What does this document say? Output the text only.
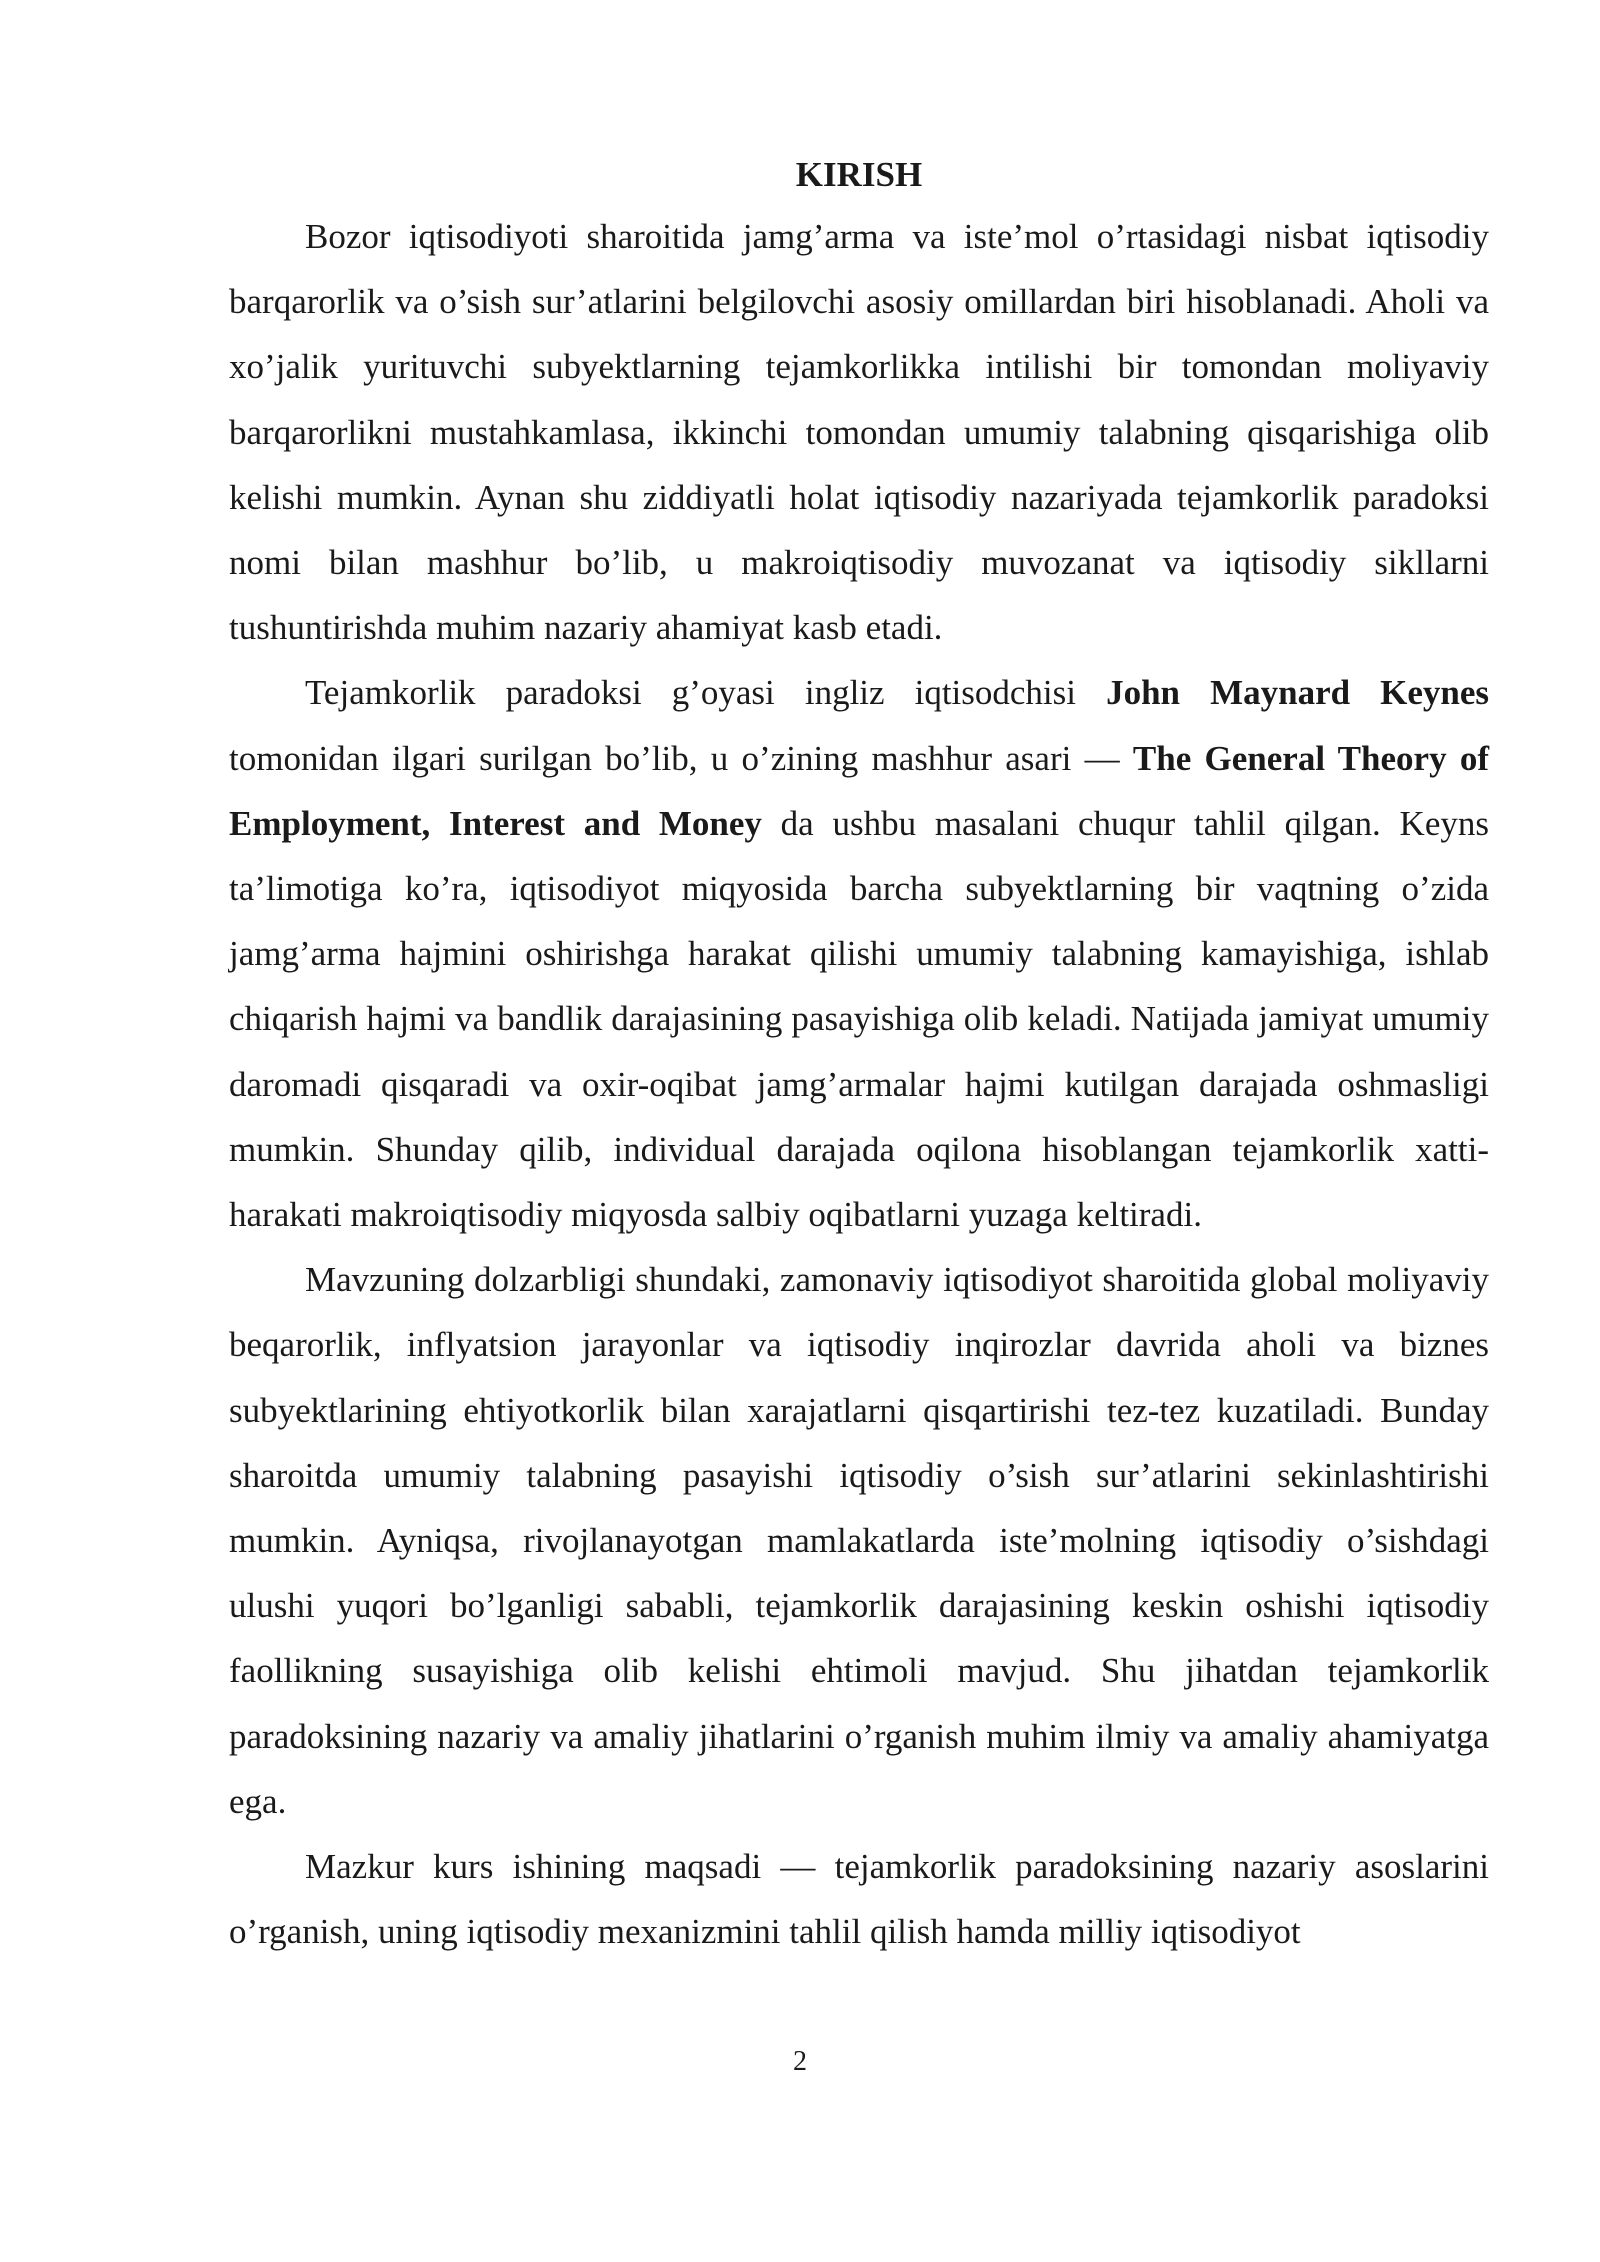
KIRISH

Bozor iqtisodiyoti sharoitida jamg’arma va iste’mol o’rtasidagi nisbat iqtisodiy barqarorlik va o’sish sur’atlarini belgilovchi asosiy omillardan biri hisoblanadi. Aholi va xo’jalik yurituvchi subyektlarning tejamkorlikka intilishi bir tomondan moliyaviy barqarorlikni mustahkamlasa, ikkinchi tomondan umumiy talabning qisqarishiga olib kelishi mumkin. Aynan shu ziddiyatli holat iqtisodiy nazariyada tejamkorlik paradoksi nomi bilan mashhur bo’lib, u makroiqtisodiy muvozanat va iqtisodiy sikllarni tushuntirishda muhim nazariy ahamiyat kasb etadi.

Tejamkorlik paradoksi g’oyasi ingliz iqtisodchisi John Maynard Keynes tomonidan ilgari surilgan bo’lib, u o’zining mashhur asari — The General Theory of Employment, Interest and Money da ushbu masalani chuqur tahlil qilgan. Keyns ta’limotiga ko’ra, iqtisodiyot miqyosida barcha subyektlarning bir vaqtning o’zida jamg’arma hajmini oshirishga harakat qilishi umumiy talabning kamayishiga, ishlab chiqarish hajmi va bandlik darajasining pasayishiga olib keladi. Natijada jamiyat umumiy daromadi qisqaradi va oxir-oqibat jamg’armalar hajmi kutilgan darajada oshmasligi mumkin. Shunday qilib, individual darajada oqilona hisoblangan tejamkorlik xatti-harakati makroiqtisodiy miqyosda salbiy oqibatlarni yuzaga keltiradi.

Mavzuning dolzarbligi shundaki, zamonaviy iqtisodiyot sharoitida global moliyaviy beqarorlik, inflyatsion jarayonlar va iqtisodiy inqirozlar davrida aholi va biznes subyektlarining ehtiyotkorlik bilan xarajatlarni qisqartirishi tez-tez kuzatiladi. Bunday sharoitda umumiy talabning pasayishi iqtisodiy o’sish sur’atlarini sekinlashtirishi mumkin. Ayniqsa, rivojlanayotgan mamlakatlarda iste’molning iqtisodiy o’sishdagi ulushi yuqori bo’lganligi sababli, tejamkorlik darajasining keskin oshishi iqtisodiy faollikning susayishiga olib kelishi ehtimoli mavjud. Shu jihatdan tejamkorlik paradoksining nazariy va amaliy jihatlarini o’rganish muhim ilmiy va amaliy ahamiyatga ega.

Mazkur kurs ishining maqsadi — tejamkorlik paradoksining nazariy asoslarini o’rganish, uning iqtisodiy mexanizmini tahlil qilish hamda milliy iqtisodiyot

2
